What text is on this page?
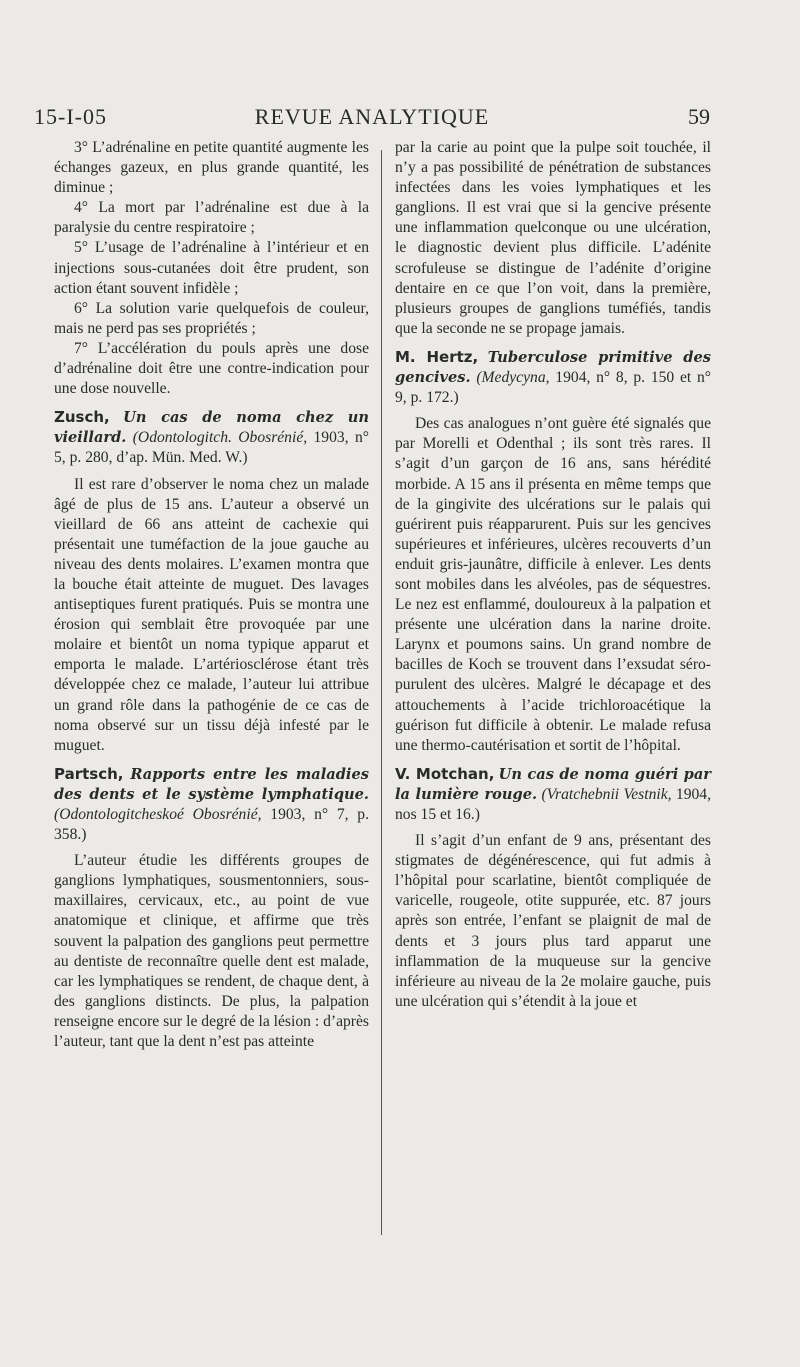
15-I-05	REVUE ANALYTIQUE	59

3° L’adrénaline en petite quantité augmente les échanges gazeux, en plus grande quantité, les diminue ;

4° La mort par l’adrénaline est due à la paralysie du centre respiratoire ;

5° L’usage de l’adrénaline à l’intérieur et en injections sous-cutanées doit être prudent, son action étant souvent infidèle ;

6° La solution varie quelquefois de couleur, mais ne perd pas ses propriétés ;

7° L’accélération du pouls après une dose d’adrénaline doit être une contre-indication pour une dose nouvelle.

Zusch, Un cas de noma chez un vieillard. (Odontologitch. Obosrénié, 1903, n° 5, p. 280, d’ap. Mün. Med. W.)

Il est rare d’observer le noma chez un malade âgé de plus de 15 ans. L’auteur a observé un vieillard de 66 ans atteint de cachexie qui présentait une tuméfaction de la joue gauche au niveau des dents molaires. L’examen montra que la bouche était atteinte de muguet. Des lavages antiseptiques furent pratiqués. Puis se montra une érosion qui semblait être provoquée par une molaire et bientôt un noma typique apparut et emporta le malade. L’artériosclérose étant très développée chez ce malade, l’auteur lui attribue un grand rôle dans la pathogénie de ce cas de noma observé sur un tissu déjà infesté par le muguet.

Partsch, Rapports entre les maladies des dents et le système lymphatique. (Odontologitcheskoé Obosrénié, 1903, n° 7, p. 358.)

L’auteur étudie les différents groupes de ganglions lymphatiques, sousmentonniers, sous-maxillaires, cervicaux, etc., au point de vue anatomique et clinique, et affirme que très souvent la palpation des ganglions peut permettre au dentiste de reconnaître quelle dent est malade, car les lymphatiques se rendent, de chaque dent, à des ganglions distincts. De plus, la palpation renseigne encore sur le degré de la lésion : d’après l’auteur, tant que la dent n’est pas atteinte

par la carie au point que la pulpe soit touchée, il n’y a pas possibilité de pénétration de substances infectées dans les voies lymphatiques et les ganglions. Il est vrai que si la gencive présente une inflammation quelconque ou une ulcération, le diagnostic devient plus difficile. L’adénite scrofuleuse se distingue de l’adénite d’origine dentaire en ce que l’on voit, dans la première, plusieurs groupes de ganglions tuméfiés, tandis que la seconde ne se propage jamais.

M. Hertz, Tuberculose primitive des gencives. (Medycyna, 1904, n° 8, p. 150 et n° 9, p. 172.)

Des cas analogues n’ont guère été signalés que par Morelli et Odenthal ; ils sont très rares. Il s’agit d’un garçon de 16 ans, sans hérédité morbide. A 15 ans il présenta en même temps que de la gingivite des ulcérations sur le palais qui guérirent puis réapparurent. Puis sur les gencives supérieures et inférieures, ulcères recouverts d’un enduit gris-jaunâtre, difficile à enlever. Les dents sont mobiles dans les alvéoles, pas de séquestres. Le nez est enflammé, douloureux à la palpation et présente une ulcération dans la narine droite. Larynx et poumons sains. Un grand nombre de bacilles de Koch se trouvent dans l’exsudat séro-purulent des ulcères. Malgré le décapage et des attouchements à l’acide trichloroacétique la guérison fut difficile à obtenir. Le malade refusa une thermo-cautérisation et sortit de l’hôpital.

V. Motchan, Un cas de noma guéri par la lumière rouge. (Vratchebnii Vestnik, 1904, nos 15 et 16.)

Il s’agit d’un enfant de 9 ans, présentant des stigmates de dégénérescence, qui fut admis à l’hôpital pour scarlatine, bientôt compliquée de varicelle, rougeole, otite suppurée, etc. 87 jours après son entrée, l’enfant se plaignit de mal de dents et 3 jours plus tard apparut une inflammation de la muqueuse sur la gencive inférieure au niveau de la 2e molaire gauche, puis une ulcération qui s’étendit à la joue et
